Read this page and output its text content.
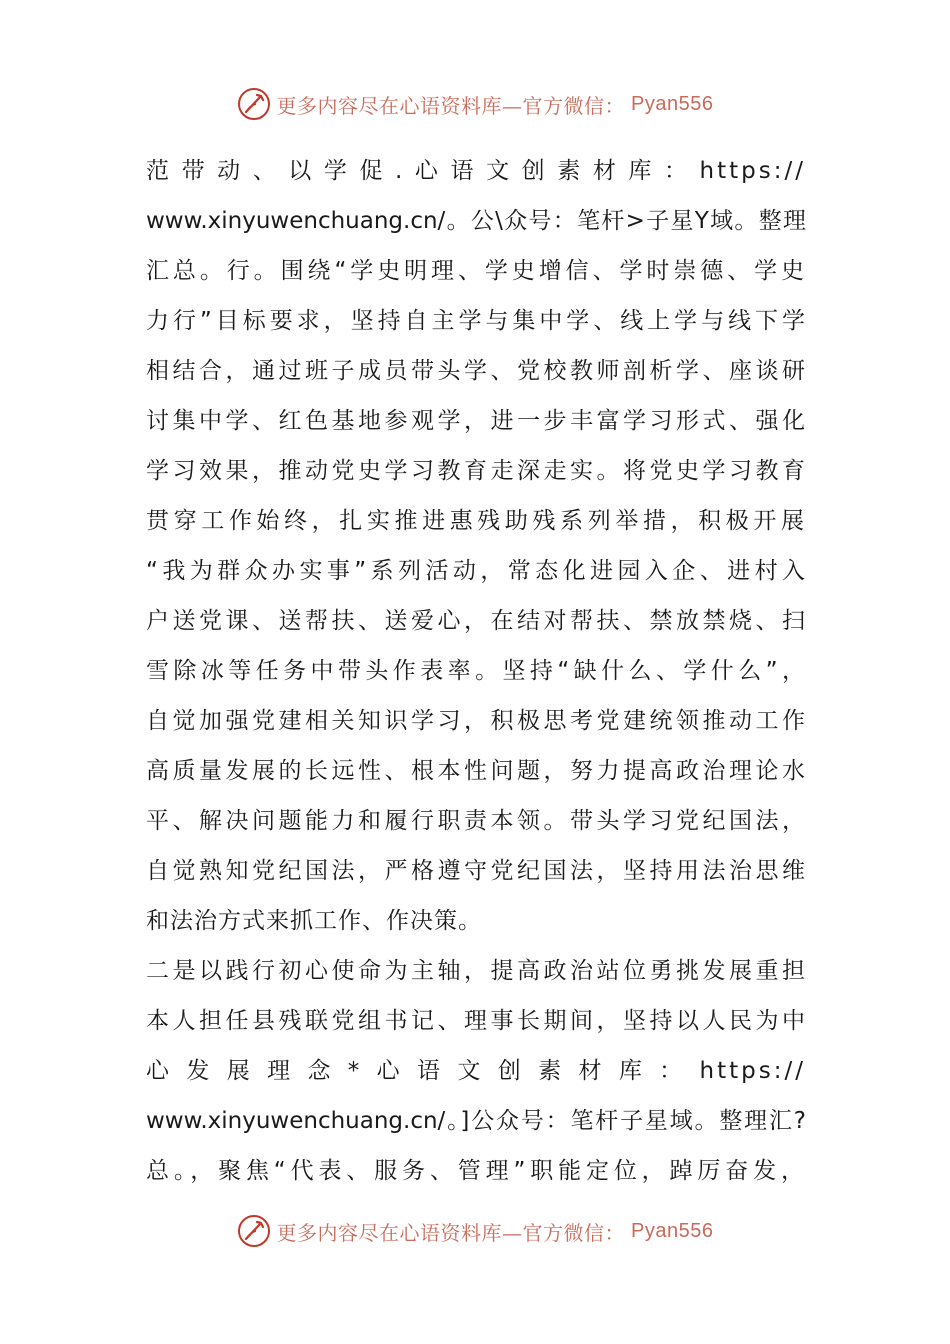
更多内容尽在心语资料库—官方微信： Pyan556
范带动、以学促.心语文创素材库：https://
www.xinyuwenchuang.cn/。公\众号：笔杆>子星Y域。整理
汇总。行。围绕“学史明理、学史增信、学时崇德、学史
力行”目标要求，坚持自主学与集中学、线上学与线下学
相结合，通过班子成员带头学、党校教师剖析学、座谈研
讨集中学、红色基地参观学，进一步丰富学习形式、强化
学习效果，推动党史学习教育走深走实。将党史学习教育
贯穿工作始终，扎实推进惠残助残系列举措，积极开展
“我为群众办实事”系列活动，常态化进园入企、进村入
户送党课、送帮扶、送爱心，在结对帮扶、禁放禁烧、扫
雪除冰等任务中带头作表率。坚持“缺什么、学什么”，
自觉加强党建相关知识学习，积极思考党建统领推动工作
高质量发展的长远性、根本性问题，努力提高政治理论水
平、解决问题能力和履行职责本领。带头学习党纪国法，
自觉熟知党纪国法，严格遵守党纪国法，坚持用法治思维
和法治方式来抓工作、作决策。
二是以践行初心使命为主轴，提高政治站位勇挑发展重担
本人担任县残联党组书记、理事长期间，坚持以人民为中
心发展理念*心语文创素材库：https://
www.xinyuwenchuang.cn/。]公众号：笔杆子星域。整理汇?
总。，聚焦“代表、服务、管理”职能定位，踔厉奋发，
更多内容尽在心语资料库—官方微信： Pyan556
